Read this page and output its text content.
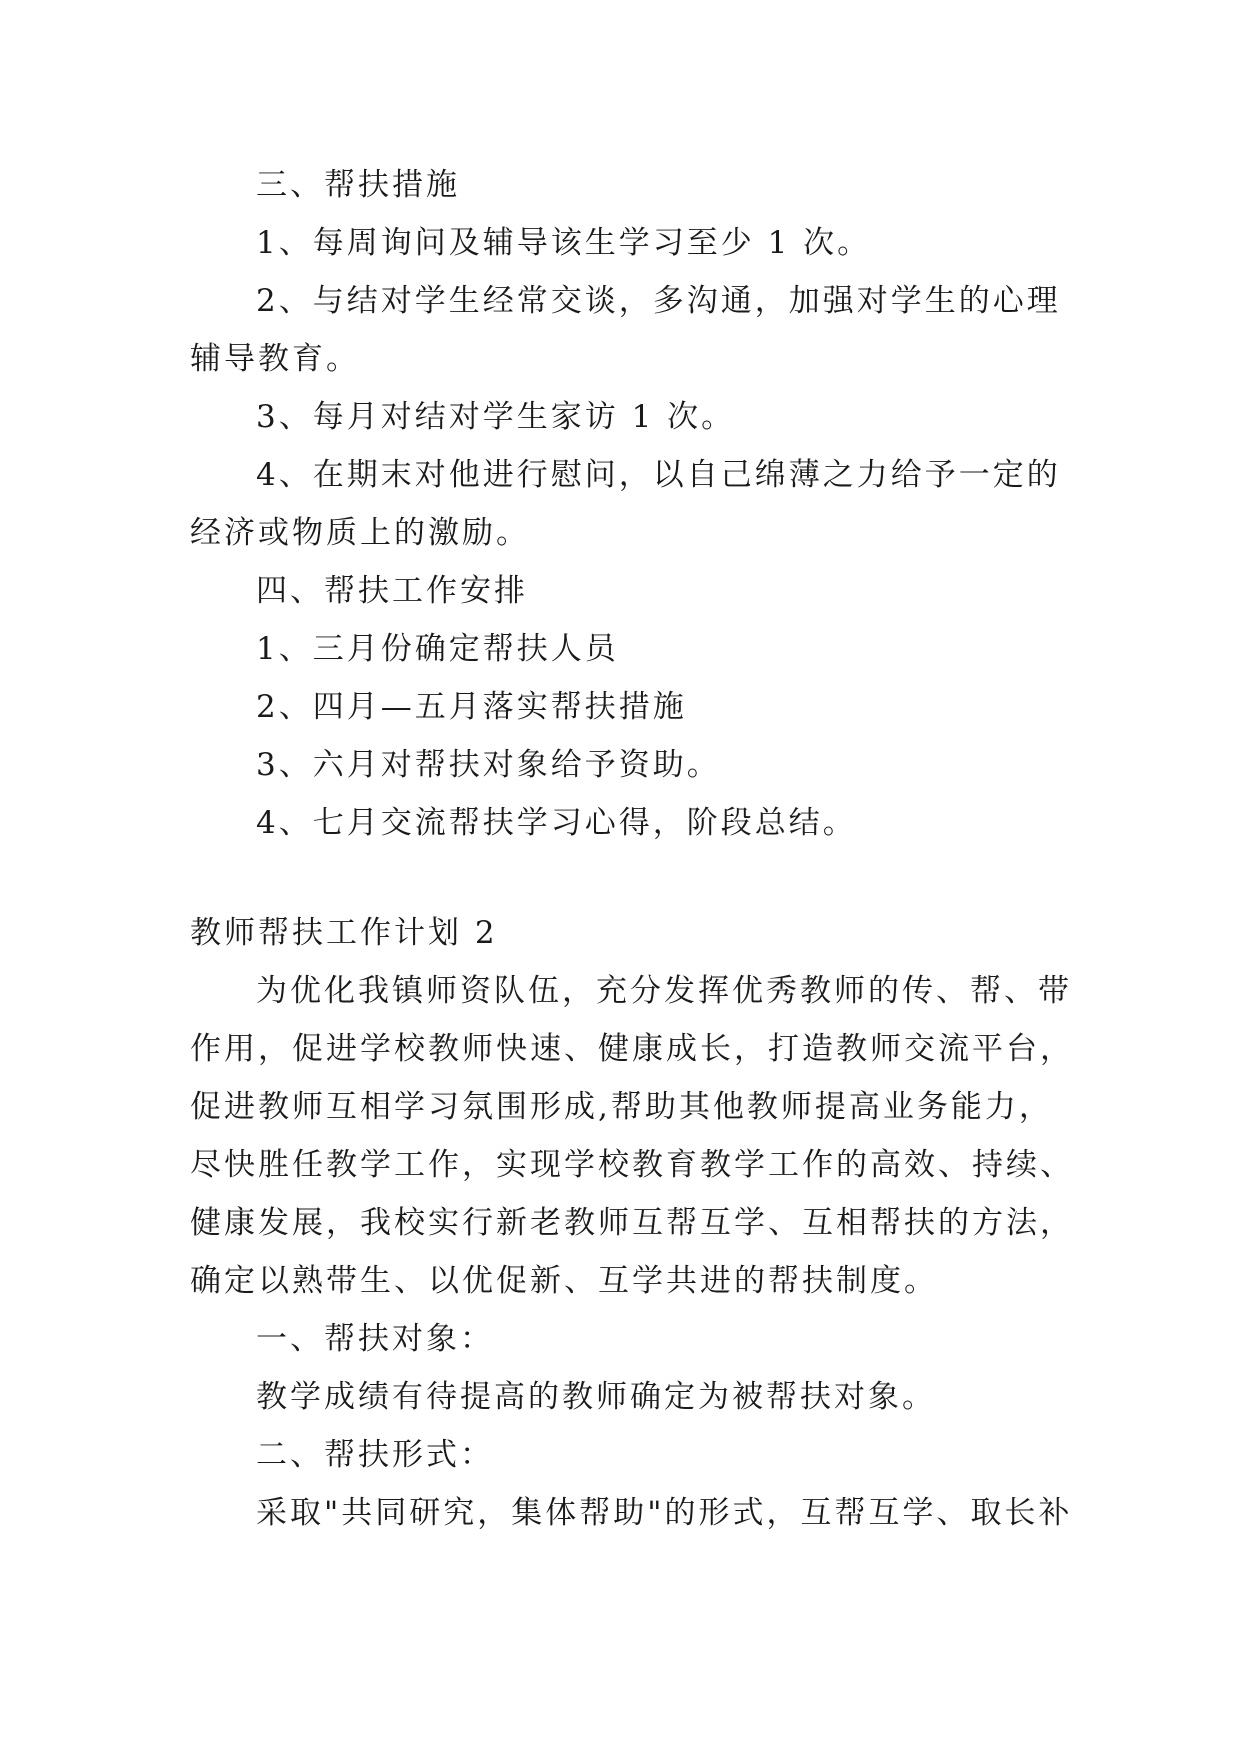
三、帮扶措施
1、每周询问及辅导该生学习至少 1 次。
2、与结对学生经常交谈，多沟通，加强对学生的心理
辅导教育。
3、每月对结对学生家访 1 次。
4、在期末对他进行慰问，以自己绵薄之力给予一定的
经济或物质上的激励。
四、帮扶工作安排
1、三月份确定帮扶人员
2、四月—五月落实帮扶措施
3、六月对帮扶对象给予资助。
4、七月交流帮扶学习心得，阶段总结。
教师帮扶工作计划 2
为优化我镇师资队伍，充分发挥优秀教师的传、帮、带
作用，促进学校教师快速、健康成长，打造教师交流平台，
促进教师互相学习氛围形成,帮助其他教师提高业务能力，
尽快胜任教学工作，实现学校教育教学工作的高效、持续、
健康发展，我校实行新老教师互帮互学、互相帮扶的方法，
确定以熟带生、以优促新、互学共进的帮扶制度。
一、帮扶对象：
教学成绩有待提高的教师确定为被帮扶对象。
二、帮扶形式：
采取"共同研究，集体帮助"的形式，互帮互学、取长补
